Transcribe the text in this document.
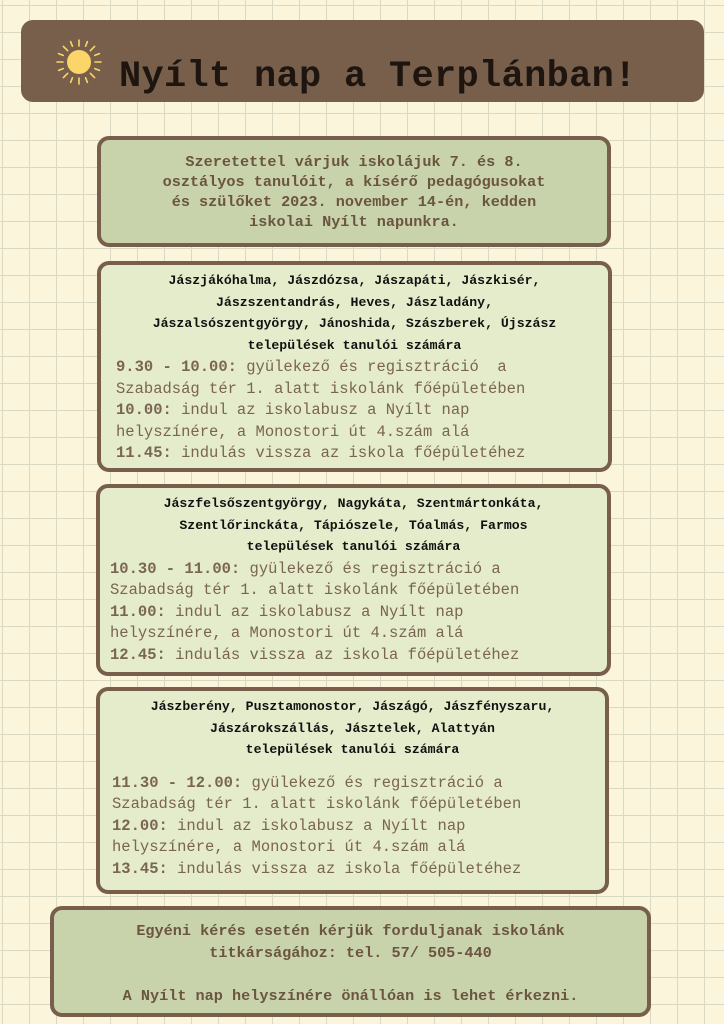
Nyílt nap a Terplánban!

Szeretettel várjuk iskolájuk 7. és 8.
osztályos tanulóit, a kísérő pedagógusokat
és szülőket 2023. november 14-én, kedden
iskolai Nyílt napunkra.

Jászjákóhalma, Jászdózsa, Jászapáti, Jászkisér,
Jászszentandrás, Heves, Jászladány,
Jászalsószentgyörgy, Jánoshida, Szászberek, Újszász
települések tanulói számára

9.30 - 10.00: gyülekező és regisztráció  a
Szabadság tér 1. alatt iskolánk főépületében
10.00: indul az iskolabusz a Nyílt nap
helyszínére, a Monostori út 4.szám alá
11.45: indulás vissza az iskola főépületéhez

Jászfelsőszentgyörgy, Nagykáta, Szentmártonkáta,
Szentlőrinckáta, Tápiószele, Tóalmás, Farmos
települések tanulói számára

10.30 - 11.00: gyülekező és regisztráció a
Szabadság tér 1. alatt iskolánk főépületében
11.00: indul az iskolabusz a Nyílt nap
helyszínére, a Monostori út 4.szám alá
12.45: indulás vissza az iskola főépületéhez

Jászberény, Pusztamonostor, Jászágó, Jászfényszaru,
Jászárokszállás, Jásztelek, Alattyán
települések tanulói számára

11.30 - 12.00: gyülekező és regisztráció a
Szabadság tér 1. alatt iskolánk főépületében
12.00: indul az iskolabusz a Nyílt nap
helyszínére, a Monostori út 4.szám alá
13.45: indulás vissza az iskola főépületéhez

Egyéni kérés esetén kérjük forduljanak iskolánk
titkárságához: tel. 57/ 505-440

A Nyílt nap helyszínére önállóan is lehet érkezni.
